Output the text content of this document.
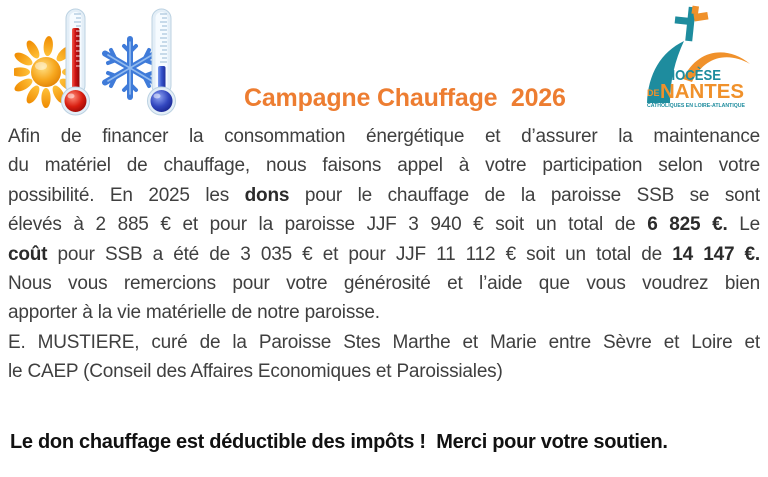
DIOCÈSE
DE NANTES
CATHOLIQUES EN LOIRE-ATLANTIQUE
Campagne Chauffage  2026
Afin de financer la consommation énergétique et d’assurer la maintenance
du matériel de chauffage, nous faisons appel à votre participation selon votre
possibilité. En 2025 les dons pour le chauffage de la paroisse SSB se sont
élevés à 2 885 € et pour la paroisse JJF 3 940 € soit un total de 6 825 €. Le
coût pour SSB a été de 3 035 € et pour JJF 11 112 € soit un total de 14 147 €.
Nous vous remercions pour votre générosité et l’aide que vous voudrez bien
apporter à la vie matérielle de notre paroisse.
E. MUSTIERE, curé de la Paroisse Stes Marthe et Marie entre Sèvre et Loire et
le CAEP (Conseil des Affaires Economiques et Paroissiales)
Le don chauffage est déductible des impôts !  Merci pour votre soutien.
